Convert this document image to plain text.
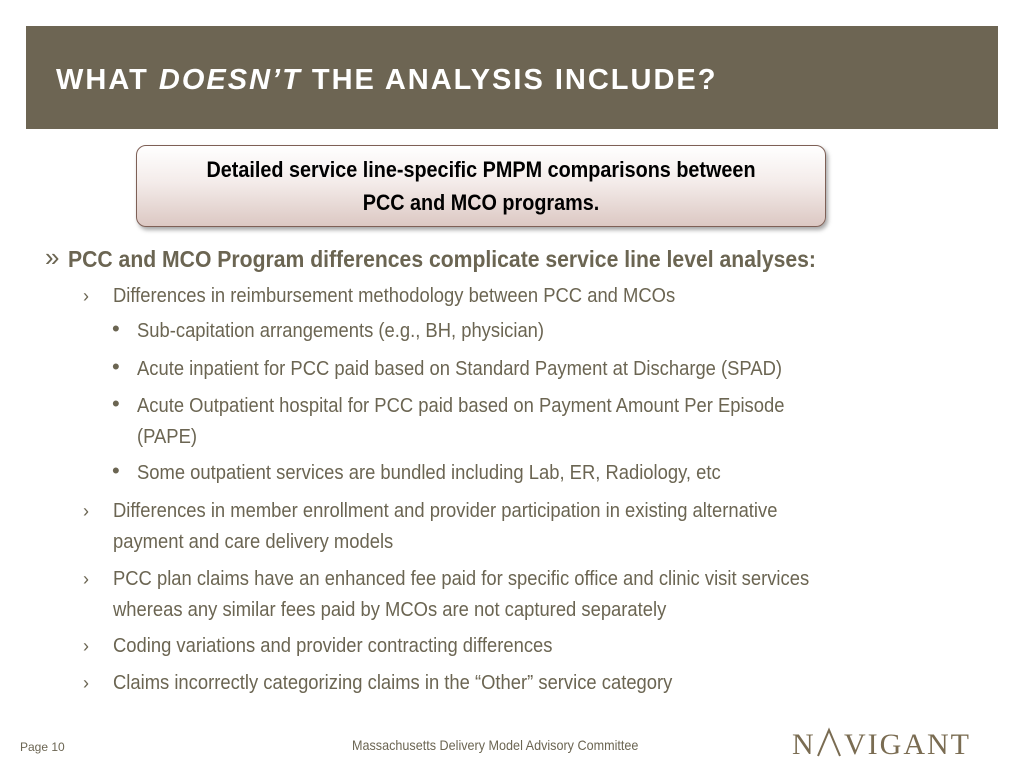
WHAT DOESN’T THE ANALYSIS INCLUDE?
Detailed service line-specific PMPM comparisons between
PCC and MCO programs.
» PCC and MCO Program differences complicate service line level analyses:
› Differences in reimbursement methodology between PCC and MCOs
• Sub-capitation arrangements (e.g., BH, physician)
• Acute inpatient for PCC paid based on Standard Payment at Discharge (SPAD)
• Acute Outpatient hospital for PCC paid based on Payment Amount Per Episode
(PAPE)
• Some outpatient services are bundled including Lab, ER, Radiology, etc
› Differences in member enrollment and provider participation in existing alternative
payment and care delivery models
› PCC plan claims have an enhanced fee paid for specific office and clinic visit services
whereas any similar fees paid by MCOs are not captured separately
› Coding variations and provider contracting differences
› Claims incorrectly categorizing claims in the “Other” service category
Page 10	Massachusetts Delivery Model Advisory Committee	N VIGANT
